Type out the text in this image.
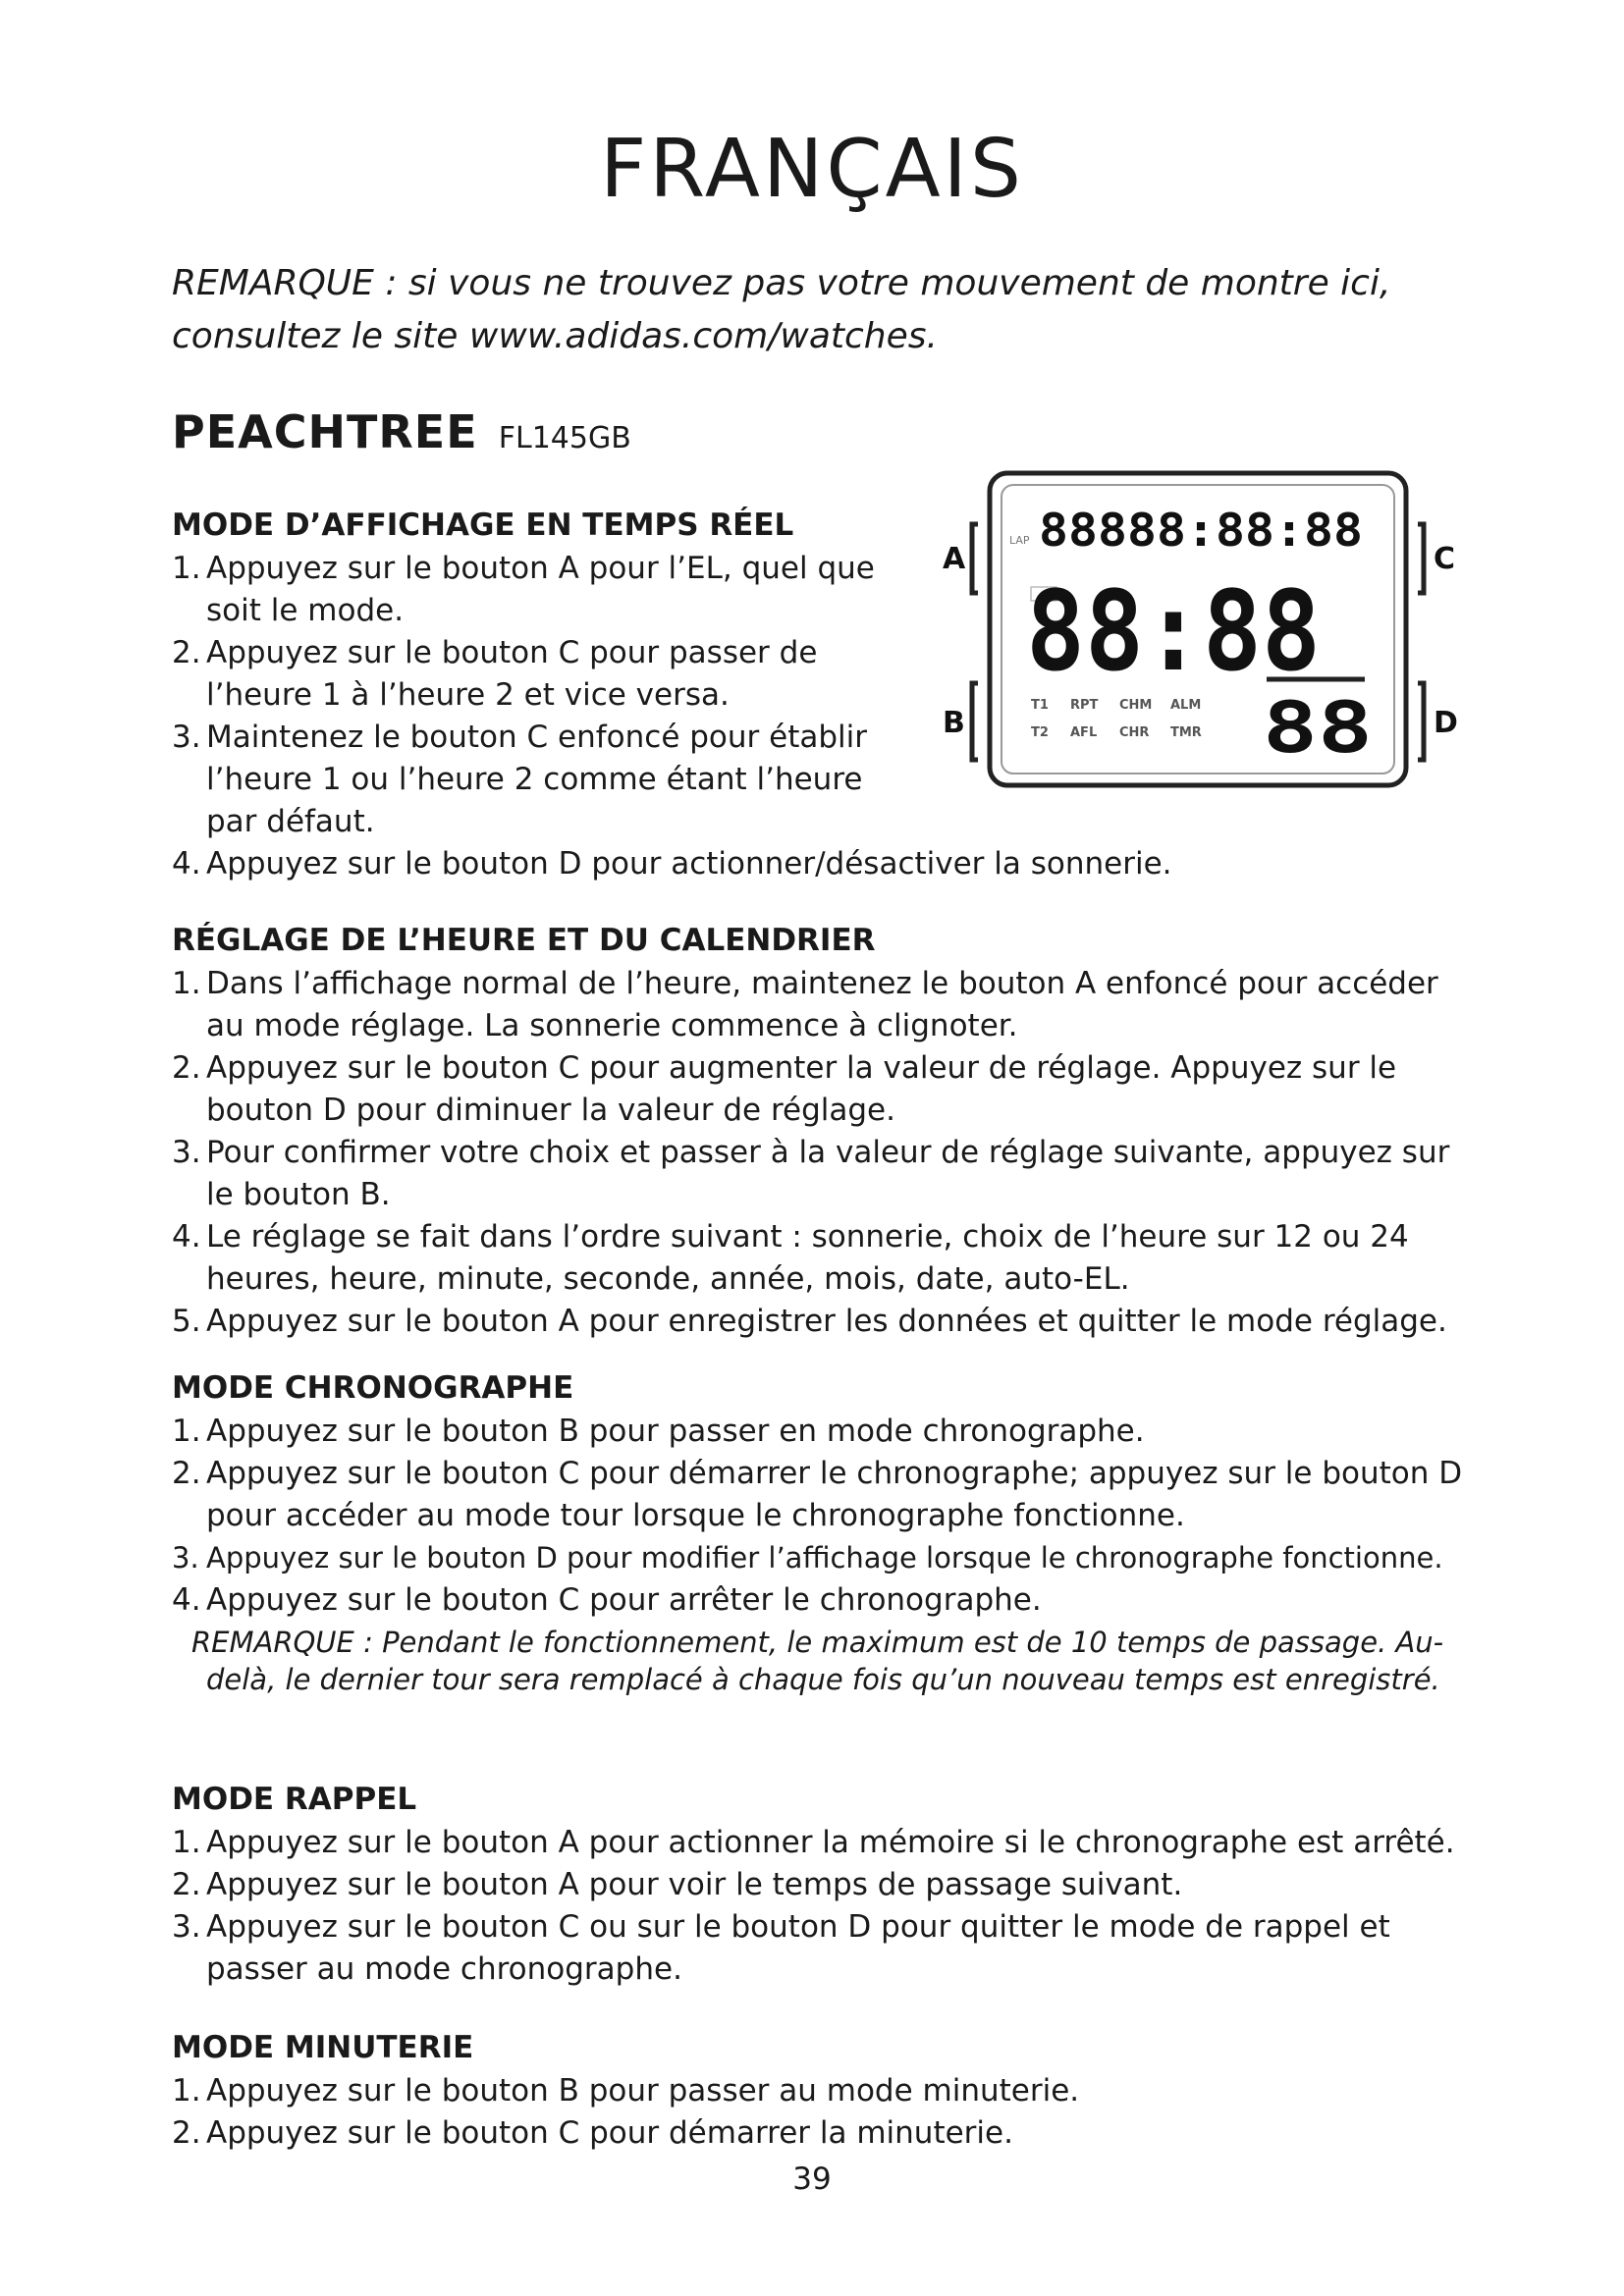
FRANÇAIS

REMARQUE : si vous ne trouvez pas votre mouvement de montre ici, consultez le site www.adidas.com/watches.

PEACHTREE FL145GB
A
B
C
D
LAP 88888:88:88
88:88
T1 RPT CHM ALM
T2 AFL CHR TMR 88
MODE D’AFFICHAGE EN TEMPS RÉEL
1. Appuyez sur le bouton A pour l’EL, quel que soit le mode.
2. Appuyez sur le bouton C pour passer de l’heure 1 à l’heure 2 et vice versa.
3. Maintenez le bouton C enfoncé pour établir l’heure 1 ou l’heure 2 comme étant l’heure par défaut.
4. Appuyez sur le bouton D pour actionner/désactiver la sonnerie.
RÉGLAGE DE L’HEURE ET DU CALENDRIER
1. Dans l’affichage normal de l’heure, maintenez le bouton A enfoncé pour accéder au mode réglage. La sonnerie commence à clignoter.
2. Appuyez sur le bouton C pour augmenter la valeur de réglage. Appuyez sur le bouton D pour diminuer la valeur de réglage.
3. Pour confirmer votre choix et passer à la valeur de réglage suivante, appuyez sur le bouton B.
4. Le réglage se fait dans l’ordre suivant : sonnerie, choix de l’heure sur 12 ou 24 heures, heure, minute, seconde, année, mois, date, auto-EL.
5. Appuyez sur le bouton A pour enregistrer les données et quitter le mode réglage.
MODE CHRONOGRAPHE
1. Appuyez sur le bouton B pour passer en mode chronographe.
2. Appuyez sur le bouton C pour démarrer le chronographe; appuyez sur le bouton D pour accéder au mode tour lorsque le chronographe fonctionne.
3. Appuyez sur le bouton D pour modifier l’affichage lorsque le chronographe fonctionne.
4. Appuyez sur le bouton C pour arrêter le chronographe.
REMARQUE : Pendant le fonctionnement, le maximum est de 10 temps de passage. Au-delà, le dernier tour sera remplacé à chaque fois qu’un nouveau temps est enregistré.
MODE RAPPEL
1. Appuyez sur le bouton A pour actionner la mémoire si le chronographe est arrêté.
2. Appuyez sur le bouton A pour voir le temps de passage suivant.
3. Appuyez sur le bouton C ou sur le bouton D pour quitter le mode de rappel et passer au mode chronographe.
MODE MINUTERIE
1. Appuyez sur le bouton B pour passer au mode minuterie.
2. Appuyez sur le bouton C pour démarrer la minuterie.
39
